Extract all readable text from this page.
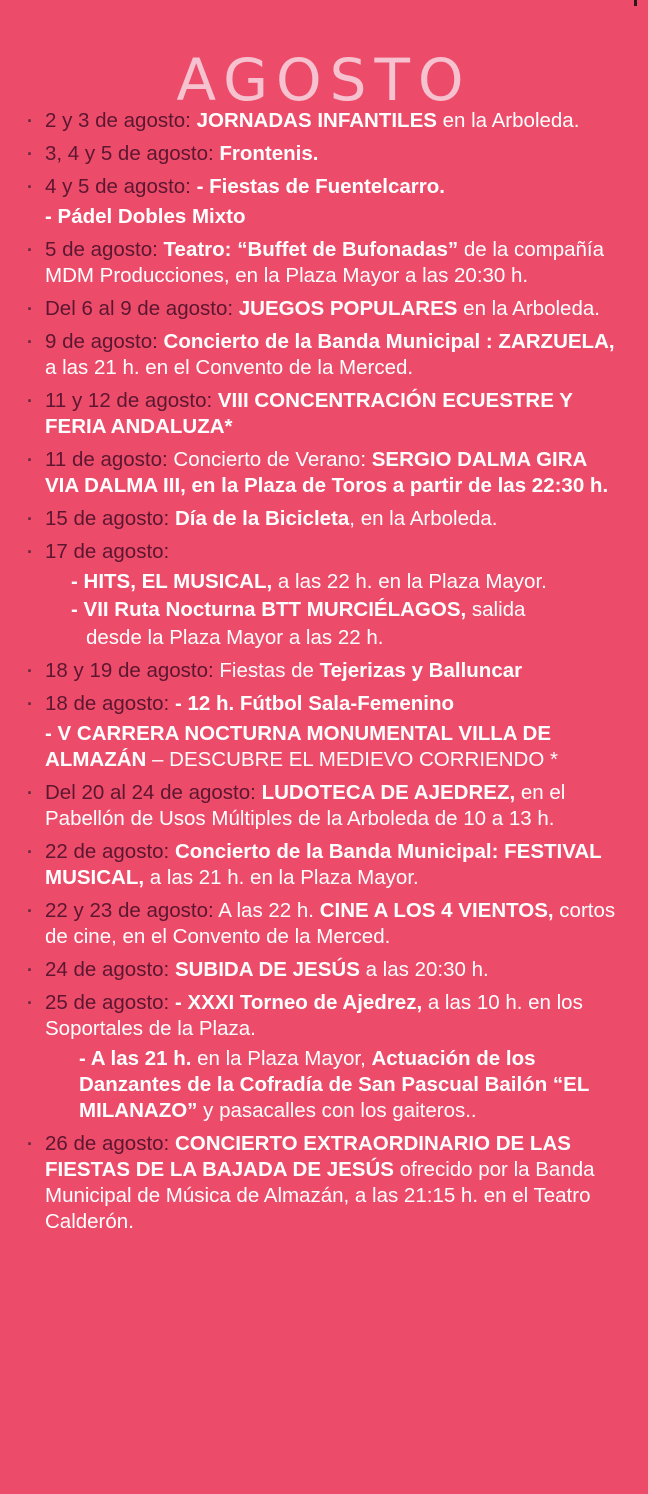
AGOSTO
· 2 y 3 de agosto: JORNADAS INFANTILES en la Arboleda.
· 3, 4 y 5 de agosto: Frontenis.
· 4 y 5 de agosto: - Fiestas de Fuentelcarro.
- Pádel Dobles Mixto
· 5 de agosto: Teatro: “Buffet de Bufonadas” de la compañía MDM Producciones, en la Plaza Mayor a las 20:30 h.
· Del 6 al 9 de agosto: JUEGOS POPULARES en la Arboleda.
· 9 de agosto: Concierto de la Banda Municipal : ZARZUELA, a las 21 h. en el Convento de la Merced.
· 11 y 12 de agosto: VIII CONCENTRACIÓN ECUESTRE Y FERIA ANDALUZA*
· 11 de agosto: Concierto de Verano: SERGIO DALMA GIRA VIA DALMA III, en la Plaza de Toros a partir de las 22:30 h.
· 15 de agosto: Día de la Bicicleta, en la Arboleda.
· 17 de agosto:
- HITS, EL MUSICAL, a las 22 h. en la Plaza Mayor.
- VII Ruta Nocturna BTT MURCIÉLAGOS, salida
desde la Plaza Mayor a las 22 h.
· 18 y 19 de agosto: Fiestas de Tejerizas y Balluncar
· 18 de agosto: - 12 h. Fútbol Sala-Femenino
- V CARRERA NOCTURNA MONUMENTAL VILLA DE ALMAZÁN – DESCUBRE EL MEDIEVO CORRIENDO *
· Del 20 al 24 de agosto: LUDOTECA DE AJEDREZ, en el Pabellón de Usos Múltiples de la Arboleda de 10 a 13 h.
· 22 de agosto: Concierto de la Banda Municipal: FESTIVAL MUSICAL, a las 21 h. en la Plaza Mayor.
· 22 y 23 de agosto: A las 22 h. CINE A LOS 4 VIENTOS, cortos de cine, en el Convento de la Merced.
· 24 de agosto: SUBIDA DE JESÚS a las 20:30 h.
· 25 de agosto: - XXXI Torneo de Ajedrez, a las 10 h. en los Soportales de la Plaza.
- A las 21 h. en la Plaza Mayor, Actuación de los Danzantes de la Cofradía de San Pascual Bailón “EL MILANAZO” y pasacalles con los gaiteros..
· 26 de agosto: CONCIERTO EXTRAORDINARIO DE LAS FIESTAS DE LA BAJADA DE JESÚS ofrecido por la Banda Municipal de Música de Almazán, a las 21:15 h. en el Teatro Calderón.
